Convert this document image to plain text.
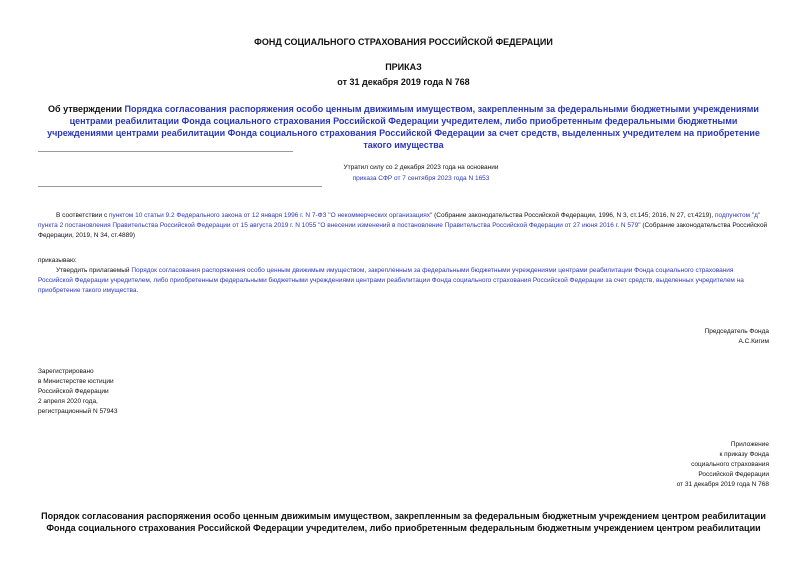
ФОНД СОЦИАЛЬНОГО СТРАХОВАНИЯ РОССИЙСКОЙ ФЕДЕРАЦИИ
ПРИКАЗ
от 31 декабря 2019 года N 768
Об утверждении Порядка согласования распоряжения особо ценным движимым имуществом, закрепленным за федеральными бюджетными учреждениями центрами реабилитации Фонда социального страхования Российской Федерации учредителем, либо приобретенным федеральными бюджетными учреждениями центрами реабилитации Фонда социального страхования Российской Федерации за счет средств, выделенных учредителем на приобретение такого имущества
Утратил силу со 2 декабря 2023 года на основании
приказа СФР от 7 сентября 2023 года N 1653
В соответствии с пунктом 10 статьи 9.2 Федерального закона от 12 января 1996 г. N 7-ФЗ "О некоммерческих организациях" (Собрание законодательства Российской Федерации, 1996, N 3, ст.145; 2016, N 27, ст.4219), подпунктом "д" пункта 2 постановления Правительства Российской Федерации от 15 августа 2019 г. N 1055 "О внесении изменений в постановление Правительства Российской Федерации от 27 июня 2016 г. N 579" (Собрание законодательства Российской Федерации, 2019, N 34, ст.4889)
приказываю:
Утвердить прилагаемый Порядок согласования распоряжения особо ценным движимым имуществом, закрепленным за федеральными бюджетными учреждениями центрами реабилитации Фонда социального страхования Российской Федерации учредителем, либо приобретенным федеральными бюджетными учреждениями центрами реабилитации Фонда социального страхования Российской Федерации за счет средств, выделенных учредителем на приобретение такого имущества.
Председатель Фонда
А.С.Кигим
Зарегистрировано
в Министерстве юстиции
Российской Федерации
2 апреля 2020 года,
регистрационный N 57943
Приложение
к приказу Фонда
социального страхования
Российской Федерации
от 31 декабря 2019 года N 768
Порядок согласования распоряжения особо ценным движимым имуществом, закрепленным за федеральным бюджетным учреждением центром реабилитации Фонда социального страхования Российской Федерации учредителем, либо приобретенным федеральным бюджетным учреждением центром реабилитации
